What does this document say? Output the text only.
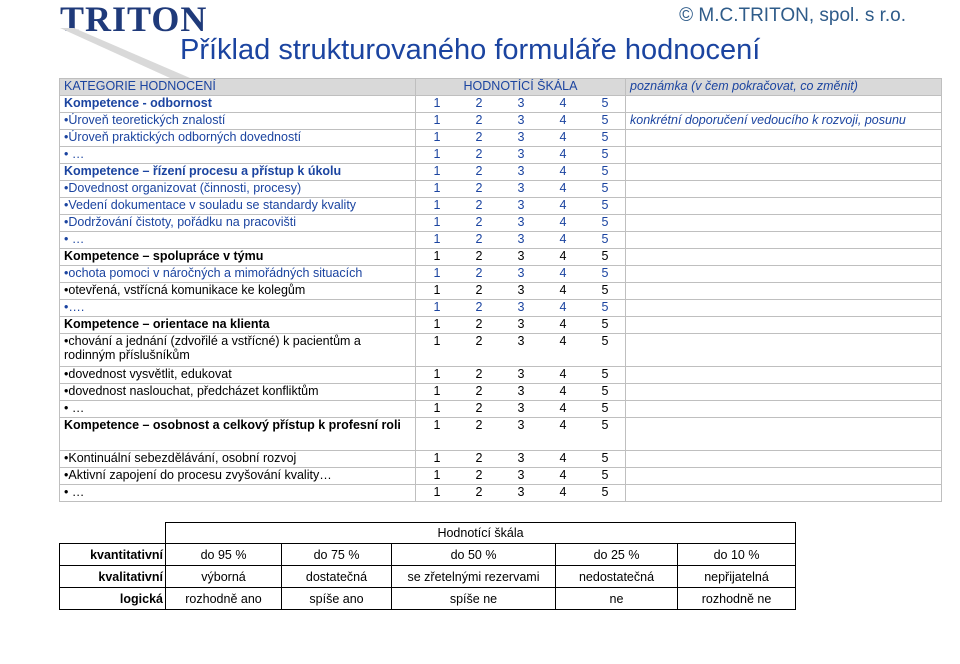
TRITON	© M.C.TRITON, spol. s r.o.
Příklad strukturovaného formuláře hodnocení
KATEGORIE HODNOCENÍ	HODNOTÍCÍ ŠKÁLA	poznámka (v čem pokračovat, co změnit)
Kompetence - odbornost	1 2 3 4 5	
•Úroveň teoretických znalostí	1 2 3 4 5	konkrétní doporučení vedoucího k rozvoji, posunu
•Úroveň praktických odborných dovedností	1 2 3 4 5	
• …	1 2 3 4 5	
Kompetence – řízení procesu a přístup k úkolu	1 2 3 4 5	
•Dovednost organizovat (činnosti, procesy)	1 2 3 4 5	
•Vedení dokumentace v souladu se standardy kvality	1 2 3 4 5	
•Dodržování čistoty, pořádku na pracovišti	1 2 3 4 5	
• …	1 2 3 4 5	
Kompetence – spolupráce v týmu	1 2 3 4 5	
•ochota pomoci v náročných a mimořádných situacích	1 2 3 4 5	
•otevřená, vstřícná komunikace ke kolegům	1 2 3 4 5	
•….	1 2 3 4 5	
Kompetence – orientace na klienta	1 2 3 4 5	
•chování a jednání (zdvořilé a vstřícné) k pacientům a rodinným příslušníkům	1 2 3 4 5	
•dovednost vysvětlit, edukovat	1 2 3 4 5	
•dovednost naslouchat, předcházet konfliktům	1 2 3 4 5	
• …	1 2 3 4 5	
Kompetence – osobnost a celkový přístup k profesní roli	1 2 3 4 5	
•Kontinuální sebezdělávání, osobní rozvoj	1 2 3 4 5	
•Aktivní zapojení do procesu zvyšování kvality…	1 2 3 4 5	
• …	1 2 3 4 5	
	Hodnotící škála				
kvantitativní	do 95 %	do 75 %	do 50 %	do 25 %	do 10 %
kvalitativní	výborná	dostatečná	se zřetelnými rezervami	nedostatečná	nepřijatelná
logická	rozhodně ano	spíše ano	spíše ne	ne	rozhodně ne
